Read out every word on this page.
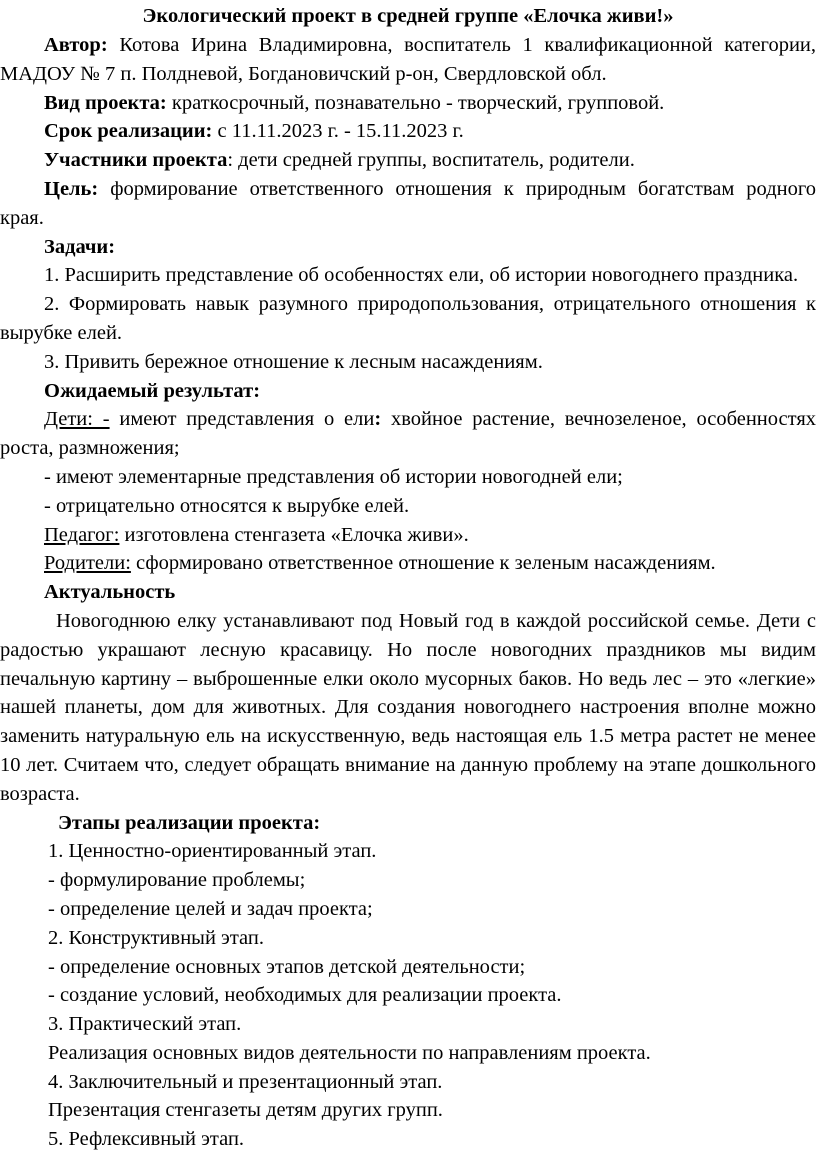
Экологический проект в средней группе «Елочка живи!»

Автор: Котова Ирина Владимировна, воспитатель 1 квалификационной категории, МАДОУ № 7 п. Полдневой, Богдановичский р-он, Свердловской обл.

Вид проекта: краткосрочный, познавательно - творческий, групповой.

Срок реализации: с 11.11.2023 г. - 15.11.2023 г.

Участники проекта: дети средней группы, воспитатель, родители.

Цель: формирование ответственного отношения к природным богатствам родного края.

Задачи:

1. Расширить представление об особенностях ели, об истории новогоднего праздника.

2. Формировать навык разумного природопользования, отрицательного отношения к вырубке елей.

3. Привить бережное отношение к лесным насаждениям.

Ожидаемый результат:

Дети: - имеют представления о ели: хвойное растение, вечнозеленое, особенностях роста, размножения;

- имеют элементарные представления об истории новогодней ели;

- отрицательно относятся к вырубке елей.

Педагог: изготовлена стенгазета «Елочка живи».

Родители: сформировано ответственное отношение к зеленым насаждениям.

Актуальность

Новогоднюю елку устанавливают под Новый год в каждой российской семье. Дети с радостью украшают лесную красавицу. Но после новогодних праздников мы видим печальную картину – выброшенные елки около мусорных баков. Но ведь лес – это «легкие» нашей планеты, дом для животных. Для создания новогоднего настроения вполне можно заменить натуральную ель на искусственную, ведь настоящая ель 1.5 метра растет не менее 10 лет. Считаем что, следует обращать внимание на данную проблему на этапе дошкольного возраста.

Этапы реализации проекта:

1. Ценностно-ориентированный этап.

- формулирование проблемы;

- определение целей и задач проекта;

2. Конструктивный этап.

- определение основных этапов детской деятельности;

- создание условий, необходимых для реализации проекта.

3. Практический этап.

Реализация основных видов деятельности по направлениям проекта.

4. Заключительный и презентационный этап.

Презентация стенгазеты детям других групп.

5. Рефлексивный этап.
